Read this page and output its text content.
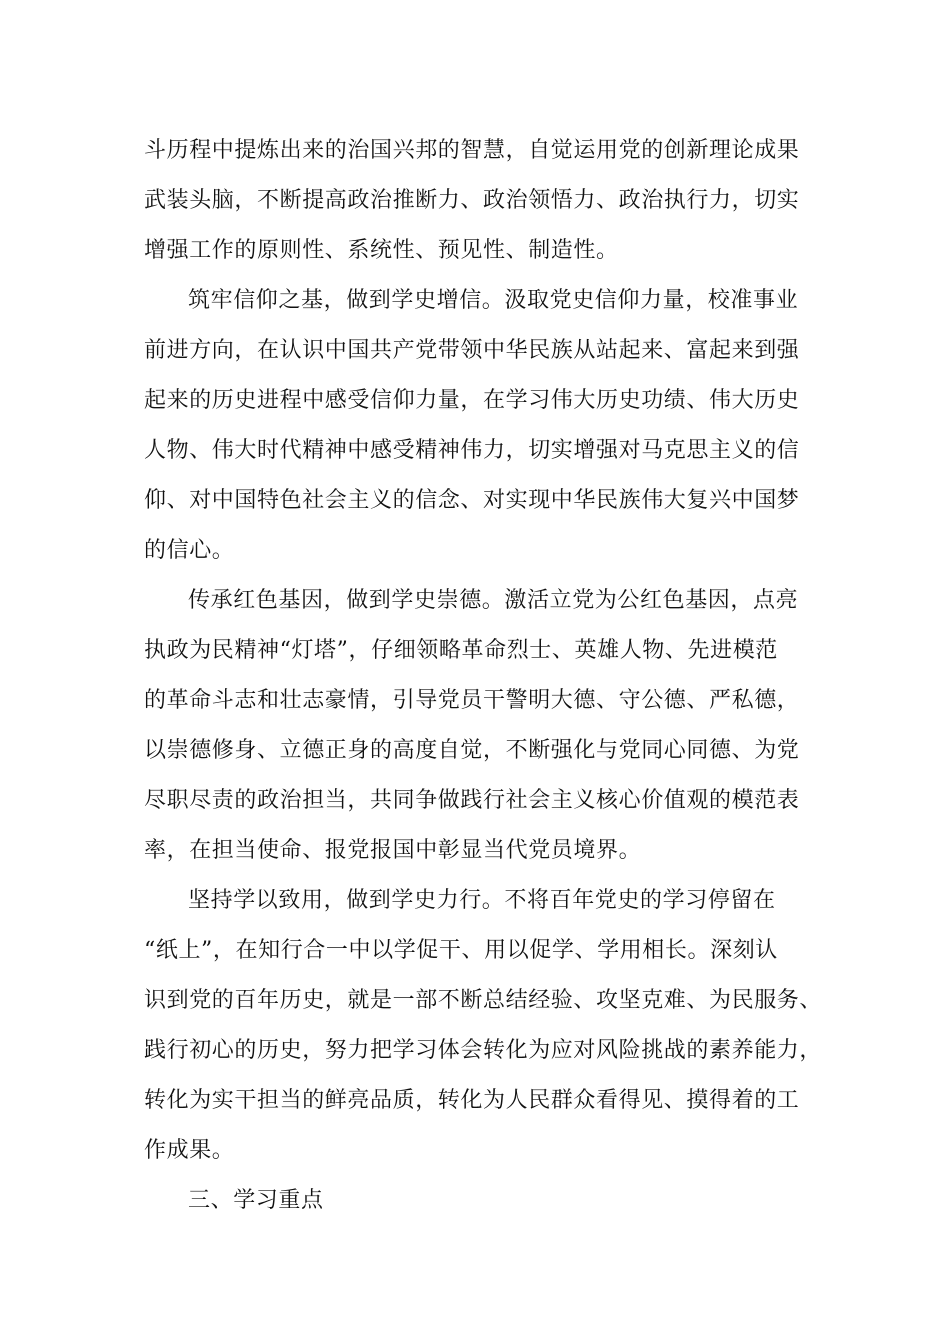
斗历程中提炼出来的治国兴邦的智慧，自觉运用党的创新理论成果
武装头脑，不断提高政治推断力、政治领悟力、政治执行力，切实
增强工作的原则性、系统性、预见性、制造性。
筑牢信仰之基，做到学史增信。汲取党史信仰力量，校准事业
前进方向，在认识中国共产党带领中华民族从站起来、富起来到强
起来的历史进程中感受信仰力量，在学习伟大历史功绩、伟大历史
人物、伟大时代精神中感受精神伟力，切实增强对马克思主义的信
仰、对中国特色社会主义的信念、对实现中华民族伟大复兴中国梦
的信心。
传承红色基因，做到学史崇德。激活立党为公红色基因，点亮
执政为民精神“灯塔”，仔细领略革命烈士、英雄人物、先进模范
的革命斗志和壮志豪情，引导党员干警明大德、守公德、严私德，
以崇德修身、立德正身的高度自觉，不断强化与党同心同德、为党
尽职尽责的政治担当，共同争做践行社会主义核心价值观的模范表
率，在担当使命、报党报国中彰显当代党员境界。
坚持学以致用，做到学史力行。不将百年党史的学习停留在
“纸上”，在知行合一中以学促干、用以促学、学用相长。深刻认
识到党的百年历史，就是一部不断总结经验、攻坚克难、为民服务、
践行初心的历史，努力把学习体会转化为应对风险挑战的素养能力，
转化为实干担当的鲜亮品质，转化为人民群众看得见、摸得着的工
作成果。
三、学习重点
